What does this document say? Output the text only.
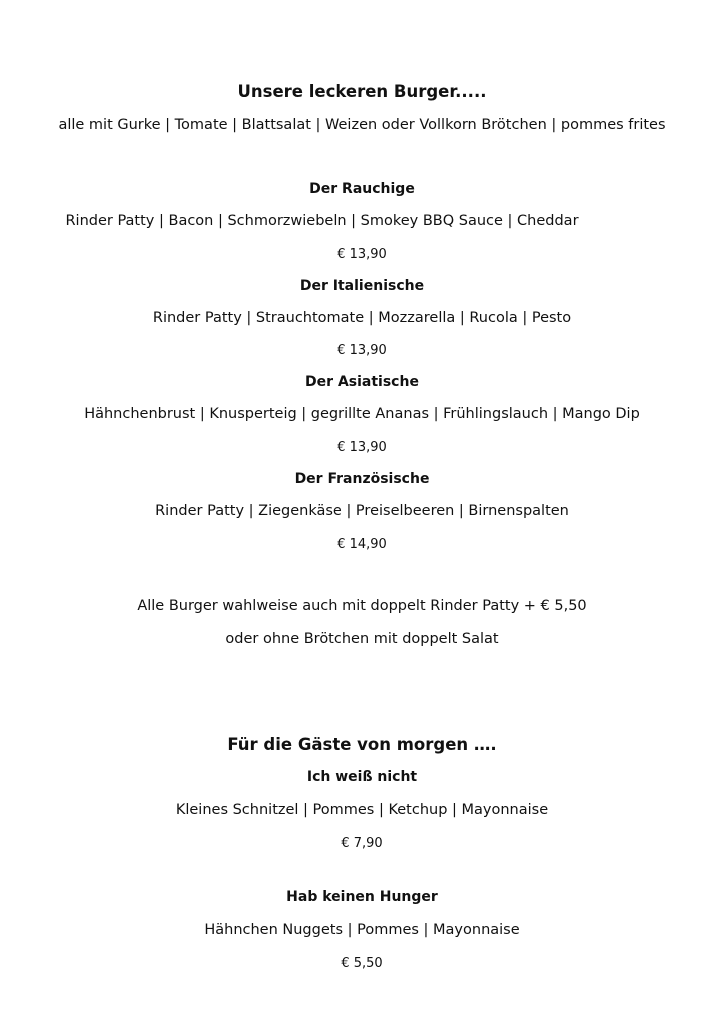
Unsere leckeren Burger.....
alle mit Gurke | Tomate | Blattsalat | Weizen oder Vollkorn Brötchen | pommes frites
Der Rauchige
Rinder Patty | Bacon | Schmorzwiebeln | Smokey BBQ Sauce | Cheddar
€ 13,90
Der Italienische
Rinder Patty | Strauchtomate | Mozzarella | Rucola | Pesto
€ 13,90
Der Asiatische
Hähnchenbrust | Knusperteig | gegrillte Ananas | Frühlingslauch | Mango Dip
€ 13,90
Der Französische
Rinder Patty | Ziegenkäse | Preiselbeeren | Birnenspalten
€ 14,90
Alle Burger wahlweise auch mit doppelt Rinder Patty + € 5,50
oder ohne Brötchen mit doppelt Salat
Für die Gäste von morgen ….
Ich weiß nicht
Kleines Schnitzel | Pommes | Ketchup | Mayonnaise
€ 7,90
Hab keinen Hunger
Hähnchen Nuggets | Pommes | Mayonnaise
€ 5,50
